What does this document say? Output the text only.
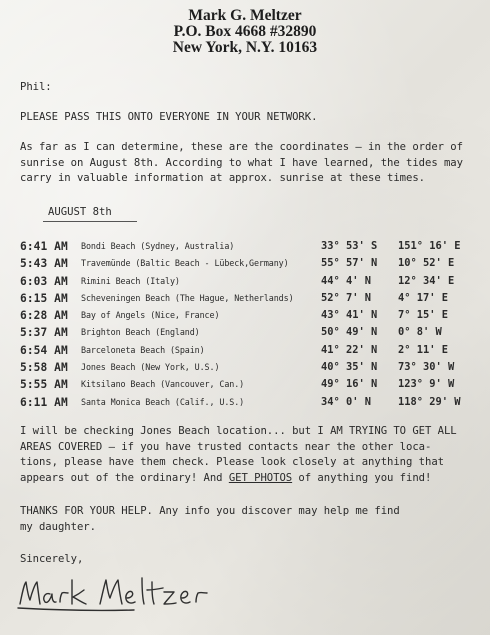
Mark G. Meltzer
P.O. Box 4668 #32890
New York, N.Y. 10163
Phil:
PLEASE PASS THIS ONTO EVERYONE IN YOUR NETWORK.
As far as I can determine, these are the coordinates – in the order of
sunrise on August 8th. According to what I have learned, the tides may
carry in valuable information at approx. sunrise at these times.
AUGUST 8th
6:41 AM Bondi Beach (Sydney, Australia)	33° 53' S 151° 16' E
5:43 AM Travemünde (Baltic Beach - Lübeck,Germany)	55° 57' N 10° 52' E
6:03 AM Rimini Beach (Italy)	44° 4' N	12° 34' E
6:15 AM Scheveningen Beach (The Hague, Netherlands)	52° 7' N	4° 17' E
6:28 AM Bay of Angels (Nice, France)	43° 41' N 7° 15' E
5:37 AM Brighton Beach (England)	50° 49' N 0° 8' W
6:54 AM Barceloneta Beach (Spain)	41° 22' N 2° 11' E
5:58 AM Jones Beach (New York, U.S.)	40° 35' N 73° 30' W
5:55 AM Kitsilano Beach (Vancouver, Can.)	49° 16' N 123° 9' W
6:11 AM Santa Monica Beach (Calif., U.S.)	34° 0' N	118° 29' W
I will be checking Jones Beach location... but I AM TRYING TO GET ALL
AREAS COVERED – if you have trusted contacts near the other loca-
tions, please have them check. Please look closely at anything that
appears out of the ordinary! And GET PHOTOS of anything you find!
THANKS FOR YOUR HELP. Any info you discover may help me find
my daughter.
Sincerely,
